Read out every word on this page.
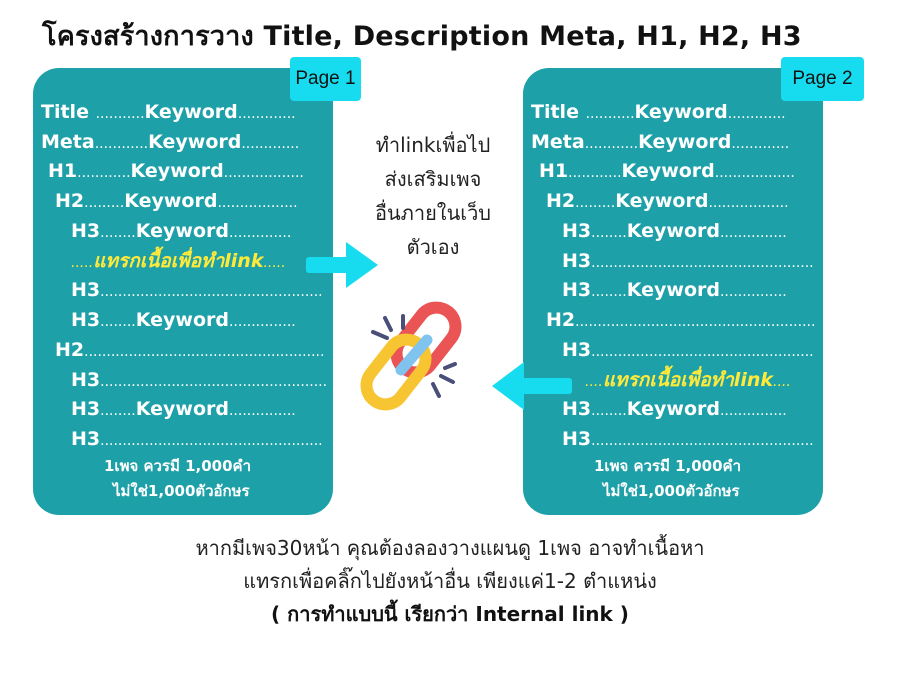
โครงสร้างการวาง Title, Description Meta, H1, H2, H3
Page 1
Title ...........Keyword.............
Meta............Keyword.............
H1............Keyword..................
H2.........Keyword..................
H3........Keyword..............
.....แทรกเนื้อเพื่อทำlink.....
H3..................................................
H3........Keyword...............
H2......................................................
H3...................................................
H3........Keyword...............
H3..................................................
1เพจ ควรมี 1,000คำ
ไม่ใช่1,000ตัวอักษร
Page 2
Title ...........Keyword.............
Meta............Keyword.............
H1............Keyword..................
H2.........Keyword..................
H3........Keyword...............
H3..................................................
H3........Keyword...............
H2......................................................
H3..................................................
....แทรกเนื้อเพื่อทำlink....
H3........Keyword...............
H3..................................................
1เพจ ควรมี 1,000คำ
ไม่ใช่1,000ตัวอักษร
ทำlinkเพื่อไป
ส่งเสริมเพจ
อื่นภายในเว็บ
ตัวเอง
หากมีเพจ30หน้า คุณต้องลองวางแผนดู 1เพจ อาจทำเนื้อหา
แทรกเพื่อคลิ๊กไปยังหน้าอื่น เพียงแค่1-2 ตำแหน่ง
( การทำแบบนี้ เรียกว่า Internal link )
